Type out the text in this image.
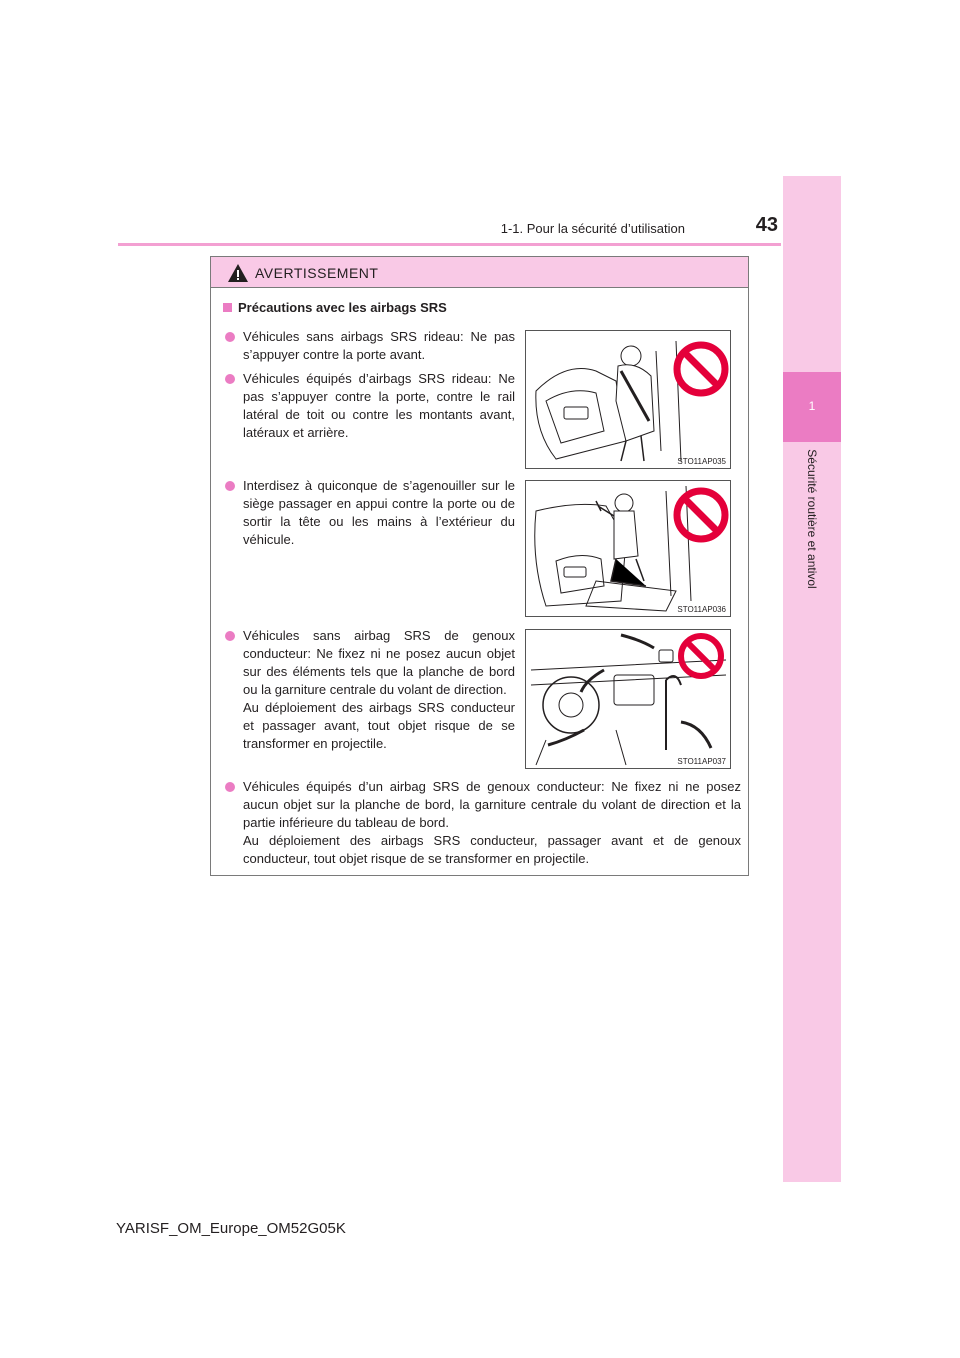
1-1. Pour la sécurité d’utilisation	43
1
Sécurité routière et antivol
AVERTISSEMENT
Précautions avec les airbags SRS
Véhicules sans airbags SRS rideau: Ne pas s’appuyer contre la porte avant.
Véhicules équipés d’airbags SRS rideau: Ne pas s’appuyer contre la porte, contre le rail latéral de toit ou contre les montants avant, latéraux et arrière.
Interdisez à quiconque de s’agenouiller sur le siège passager en appui contre la porte ou de sortir la tête ou les mains à l’extérieur du véhicule.
Véhicules sans airbag SRS de genoux conducteur: Ne fixez ni ne posez aucun objet sur des éléments tels que la planche de bord ou la garniture centrale du volant de direction.
Au déploiement des airbags SRS conducteur et passager avant, tout objet risque de se transformer en projectile.
Véhicules équipés d’un airbag SRS de genoux conducteur: Ne fixez ni ne posez aucun objet sur la planche de bord, la garniture centrale du volant de direction et la partie inférieure du tableau de bord.
Au déploiement des airbags SRS conducteur, passager avant et de genoux conducteur, tout objet risque de se transformer en projectile.
STO11AP035
STO11AP036
STO11AP037
YARISF_OM_Europe_OM52G05K
